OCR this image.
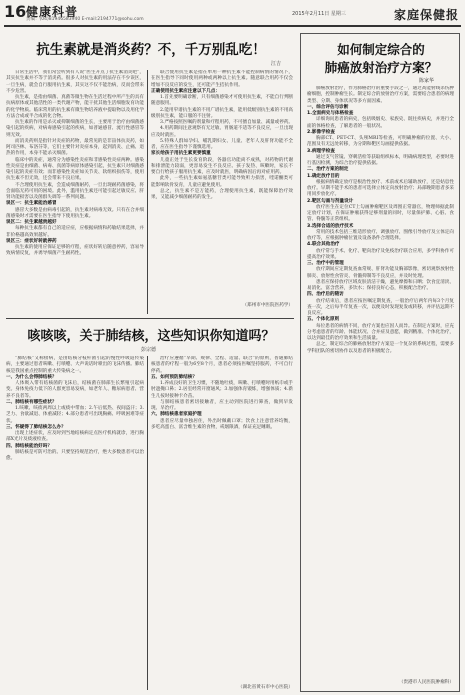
16 健康科普
责编：(04)81946583940 E-mail:2194771@sohu.com
2015年2月11日 星期三	家庭保健报
抗生素就是消炎药？不，千万别乱吃！
江吉

日常生活中，我们常会听到有人说“医生开点了抗生素消炎吧”，其实抗生素并不等于消炎药。很多人对抗生素的用法存在不少误区，一旦生病，就会自行服用抗生素，其实这不仅不能治病，反而会带来不少危害。

抗生素，是指由细菌、真菌等微生物在生活过程中所产生的具有抗病原体或其他活性的一类代谢产物，能干扰其他生活细胞发育功能的化学物质。临床常用的抗生素有微生物培养液中提取物以及用化学方法合成或半合成的化合物。

抗生素的作用是杀灭或抑制细菌的生长，主要用于治疗由细菌感染引起的疾病，对病毒感染引起的疾病，如普通感冒、流行性感冒等则无效。

而消炎药则是指针对炎症的药物，最常见的是非甾体抗炎药，如阿司匹林、布洛芬等，它们主要针对炎症本身，起到消炎、止痛、退热的作用，本身不能杀灭细菌。

临床中的炎症，通常分为感染性炎症和非感染性炎症两种。感染性炎症是由细菌、病毒、真菌等病原体感染引起，抗生素只对细菌感染引起的炎症有效；而非感染性炎症如关节炎、软组织损伤等，使用抗生素不但无效，还会带来不良后果。

不合理使用抗生素，会造成细菌耐药，一旦出现耐药菌感染，将会面临无药可用的困境。此外，滥用抗生素还可能引起过敏反应、肝肾功能损害以及菌群失调等一系列问题。

误区一：抗生素能治感冒

感冒大多数是由病毒引起的，抗生素对病毒无效。只有在合并细菌感染时才需要在医生指导下使用抗生素。

误区二：抗生素越贵越好

每种抗生素都有自己的适应症，应根据病情和药敏结果选择，并非价格越高效果越好。

误区三：症状好转就停药

抗生素的使用应保证足够的疗程，症状好转后随意停药，容易导致病情反复，并诱导细菌产生耐药性。

联合使用抗生素是指在单用一种抗生素不能控制病情的情况下，在医生指导下同时使用两种或两种以上抗生素。随意联合用药不仅会增加不良反应的发生，还可能产生拮抗作用。

正确使用抗生素应注意以下几点：

1.首先要明确诊断，只有细菌感染才可使用抗生素，不能自行判断随意服用。

2.能用窄谱抗生素的不用广谱抗生素，能用低级别抗生素的不用高级别抗生素，能口服的不注射。

3.严格按照医嘱的剂量和疗程用药，不可擅自加量、减量或停药。

4.用药期间注意观察有无过敏、胃肠道不适等不良反应，一旦出现应及时就医。

5.特殊人群如孕妇、哺乳期妇女、儿童、老年人及肝肾功能不全者，应在医生指导下谨慎选用。

家长给孩子用抗生素更要慎重

儿童正处于生长发育阶段，各器官功能尚不成熟，对药物的代谢和排泄能力较弱，更容易发生不良反应。孩子发热、咳嗽时，家长不要自行给孩子服用抗生素，应及时就医，明确病因后再对症用药。

此外，一些抗生素如氨基糖苷类可能导致听力损害，喹诺酮类可能影响软骨发育，儿童应避免使用。

总之，抗生素不是万能药，合理使用抗生素，既能保障治疗效果，又能减少细菌耐药的发生。

（郑州市中医院医药学）
咳咳咳，关于肺结核，这些知识你知道吗？
彭宗德

“肺结核”又称痨病，是由结核分枝杆菌引起的慢性呼吸道传染病，主要通过患者咳嗽、打喷嚏、大声说话时喷出的飞沫传播。肺结核是我国重点控制的重大传染病之一。

一、为什么会得肺结核？

人体吸入带有结核菌的飞沫后，结核菌在肺部生长繁殖引起病变。身体免疫力低下的人群更容易发病，如老年人、糖尿病患者、营养不良者等。

二、肺结核有哪些症状？

1.咳嗽、咳痰两周以上或痰中带血；2.午后低热、夜间盗汗；3.乏力、食欲减退、体重减轻；4.部分患者可出现胸痛、呼吸困难等症状。

三、怀疑得了肺结核怎么办？

出现上述症状，应及时到当地结核病定点医疗机构就诊，进行胸部X光片及痰液检查。

四、肺结核能治好吗？

肺结核是可防可治的。只要坚持规范治疗，绝大多数患者可以治愈。

治疗应遵循“早期、规律、全程、适量、联合”的原则，普通肺结核患者的疗程一般为6至8个月，患者必须按医嘱坚持服药，不可自行停药。

五、如何预防肺结核？

1.养成良好的卫生习惯，不随地吐痰，咳嗽、打喷嚏时用纸巾或手肘遮掩口鼻；2.居室经常开窗通风；3.加强体育锻炼，增强体质；4.新生儿按时接种卡介苗。

与肺结核患者密切接触者，应主动到医院进行筛查，做到早发现、早治疗。

六、肺结核患者家庭护理

患者应尽量单独居住，外出时佩戴口罩；饮食上注意营养均衡，多吃高蛋白、富含维生素的食物，戒烟限酒，保证充足睡眠。

（湖北省黄石市中心医院）
如何制定综合的
肺癌放射治疗方案？
陈家华

肺癌放射治疗，作为肺癌治疗的重要手段之一，通过高能射线杀伤肿瘤细胞，控制肿瘤生长。制定综合的放射治疗方案，需要结合患者的病理类型、分期、身体状况等多方面因素。

一、综合评估与诊断

1.全面病史与体格检查

详细询问患者的病史，包括吸烟史、家族史、既往疾病史，并进行全面的体格检查，了解患者的一般状况。

2.影像学检查

胸部CT、PET-CT、头颅MRI等检查，可明确肿瘤的位置、大小、范围及有无远处转移，为分期和靶区勾画提供依据。

3.病理学检查

通过支气管镜、穿刺活检等获取组织标本，明确病理类型，必要时进行基因检测，为综合治疗提供依据。

二、治疗方案的制定

1.确定放疗目的

根据病情确定放疗是根治性放疗、术前或术后辅助放疗，还是姑息性放疗。早期不能手术的患者可选择立体定向放射治疗；局部晚期患者多采用同步放化疗。

2.靶区勾画与剂量设计

放疗医生在定位CT上勾画肿瘤靶区及周围正常器官，物理师据此制定放疗计划，在保证肿瘤获得足够剂量的同时，尽量保护肺、心脏、食管、脊髓等正常组织。

3.选择合适的放疗技术

常用的技术包括三维适形放疗、调强放疗、图像引导放疗及立体定向放疗等，应根据肿瘤位置及设备条件合理选择。

4.联合其他治疗

放疗常与手术、化疗、靶向治疗及免疫治疗联合应用，多学科协作可提高治疗效果。

三、治疗中的管理

放疗期间应定期复查血常规、肝肾功能及胸部影像，密切观察放射性肺炎、放射性食管炎、骨髓抑制等不良反应，并及时处理。

患者应保持放疗区域皮肤清洁干燥，避免摩擦和日晒；饮食宜清淡、易消化、富含营养，多饮水；保持良好心态，积极配合治疗。

四、治疗后的随访

放疗结束后，患者应按医嘱定期复查，一般治疗后两年内每3个月复查一次，之后每半年复查一次，以便及时发现复发或转移，并评估远期不良反应。

五、个体化原则

每位患者的病情不同，放疗方案也应因人而异。在制定方案时，应充分考虑患者的年龄、体能状况、合并症及意愿，做到精准、个体化治疗，以达到最佳的治疗效果和生活质量。

总之，制定综合的肺癌放射治疗方案是一个复杂的系统过程，需要多学科团队的密切协作以及患者的积极配合。

（贵港市人民医院肿瘤科）
